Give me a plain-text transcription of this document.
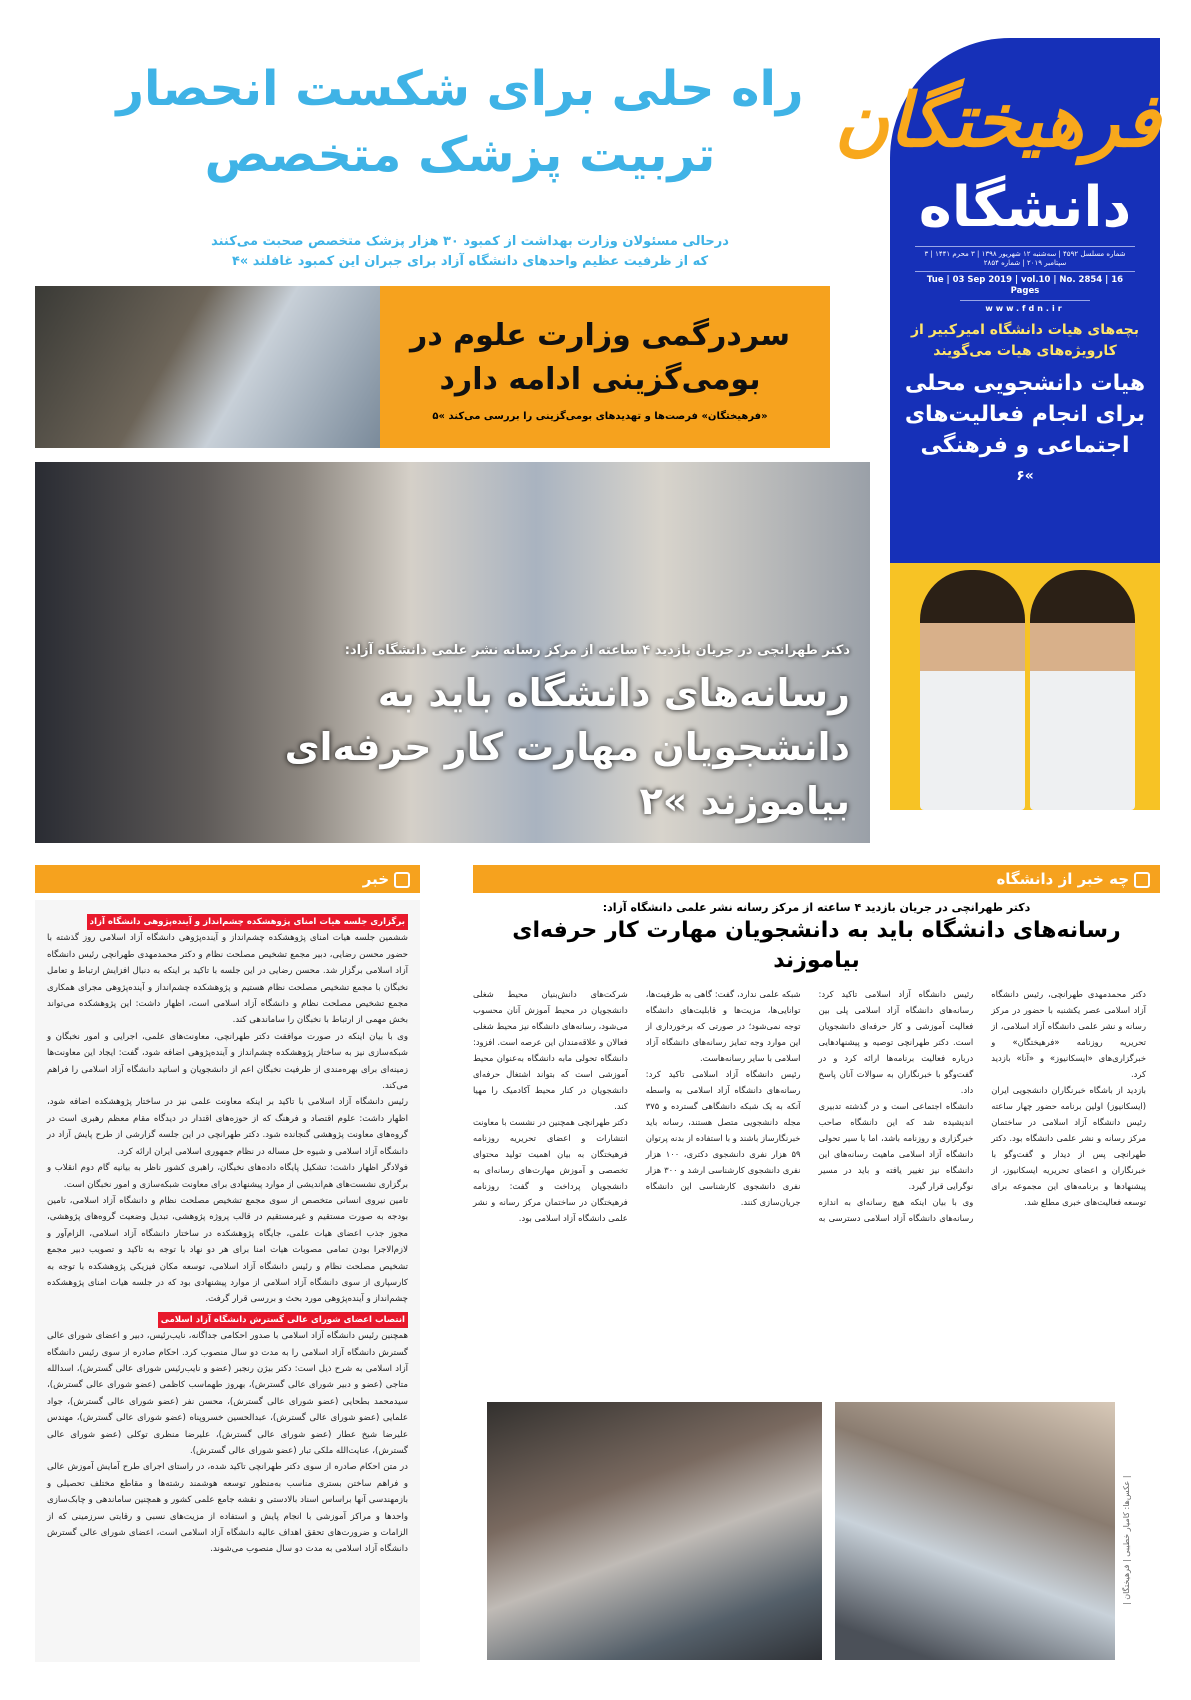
فرهیختگان
دانشگاه
شماره مسلسل ۴۵۹۲ | سه‌شنبه ۱۲ شهریور ۱۳۹۸ | ۳ محرم ۱۴۴۱ | ۳ سپتامبر ۲۰۱۹ | شماره ۲۸۵۴
Tue | 03 Sep 2019 | vol.10 | No. 2854 | 16 Pages
www.fdn.ir
بچه‌های هیات دانشگاه امیرکبیر از کارویژه‌های هیات می‌گویند
هیات دانشجویی محلی برای انجام فعالیت‌های اجتماعی و فرهنگی
»۶
راه حلی برای شکست انحصار تربیت پزشک متخصص
درحالی مسئولان وزارت بهداشت از کمبود ۳۰ هزار پزشک متخصص صحبت می‌کنند
که از ظرفیت عظیم واحدهای دانشگاه آزاد برای جبران این کمبود غافلند »۴
سردرگمی وزارت علوم در بومی‌گزینی ادامه دارد
«فرهیختگان» فرصت‌ها و تهدیدهای بومی‌گزینی را بررسی می‌کند »۵
دکتر طهرانچی در جریان بازدید ۴ ساعته از مرکز رسانه نشر علمی دانشگاه آزاد:
رسانه‌های دانشگاه باید به دانشجویان مهارت کار حرفه‌ای بیاموزند »۲
چه خبر از دانشگاه
خبر
دکتر طهرانچی در جریان بازدید ۴ ساعته از مرکز رسانه نشر علمی دانشگاه آزاد:
رسانه‌های دانشگاه باید به دانشجویان مهارت کار حرفه‌ای بیاموزند

دکتر محمدمهدی طهرانچی، رئیس دانشگاه آزاد اسلامی عصر یکشنبه با حضور در مرکز رسانه و نشر علمی دانشگاه آزاد اسلامی، از تحریریه روزنامه «فرهیختگان» و خبرگزاری‌های «ایسکانیوز» و «آنا» بازدید کرد.

بازدید از باشگاه خبرنگاران دانشجویی ایران (ایسکانیوز) اولین برنامه حضور چهار ساعته رئیس دانشگاه آزاد اسلامی در ساختمان مرکز رسانه و نشر علمی دانشگاه بود. دکتر طهرانچی پس از دیدار و گفت‌وگو با خبرنگاران و اعضای تحریریه ایسکانیوز، از پیشنهادها و برنامه‌های این مجموعه برای توسعه فعالیت‌های خبری مطلع شد.

رئیس دانشگاه آزاد اسلامی تاکید کرد: رسانه‌های دانشگاه آزاد اسلامی پلی بین فعالیت آموزشی و کار حرفه‌ای دانشجویان است. دکتر طهرانچی توصیه و پیشنهادهایی درباره فعالیت برنامه‌ها ارائه کرد و در گفت‌وگو با خبرنگاران به سوالات آنان پاسخ داد.

دانشگاه اجتماعی است و در گذشته تدبیری اندیشیده شد که این دانشگاه صاحب خبرگزاری و روزنامه باشد، اما با سیر تحولی دانشگاه آزاد اسلامی ماهیت رسانه‌های این دانشگاه نیز تغییر یافته و باید در مسیر نوگرایی قرار گیرد.

وی با بیان اینکه هیچ رسانه‌ای به اندازه رسانه‌های دانشگاه آزاد اسلامی دسترسی به شبکه علمی ندارد، گفت: گاهی به ظرفیت‌ها، توانایی‌ها، مزیت‌ها و قابلیت‌های دانشگاه توجه نمی‌شود؛ در صورتی که برخورداری از این موارد وجه تمایز رسانه‌های دانشگاه آزاد اسلامی با سایر رسانه‌هاست.

رئیس دانشگاه آزاد اسلامی تاکید کرد: رسانه‌های دانشگاه آزاد اسلامی به واسطه آنکه به یک شبکه دانشگاهی گسترده و ۳۷۵ مجله دانشجویی متصل هستند، رسانه باید خبرنگارساز باشند و با استفاده از بدنه پرتوان ۵۹ هزار نفری دانشجوی دکتری، ۱۰۰ هزار نفری دانشجوی کارشناسی ارشد و ۳۰۰ هزار نفری دانشجوی کارشناسی این دانشگاه جریان‌سازی کنند.

شرکت‌های دانش‌بنیان محیط شغلی دانشجویان در محیط آموزش آنان محسوب می‌شود، رسانه‌های دانشگاه نیز محیط شغلی فعالان و علاقه‌مندان این عرصه است. افزود: دانشگاه تحولی مابه دانشگاه به‌عنوان محیط آموزشی است که بتواند اشتغال حرفه‌ای دانشجویان در کنار محیط آکادمیک را مهیا کند.

دکتر طهرانچی همچنین در نشست با معاونت انتشارات و اعضای تحریریه روزنامه فرهیختگان به بیان اهمیت تولید محتوای تخصصی و آموزش مهارت‌های رسانه‌ای به دانشجویان پرداخت و گفت: روزنامه فرهیختگان در ساختمان مرکز رسانه و نشر علمی دانشگاه آزاد اسلامی بود.

| عکس‌ها: کامیار خطیبی | فرهیختگان |
برگزاری جلسه هیات امنای پژوهشکده چشم‌انداز و آینده‌پژوهی دانشگاه آزاد

ششمین جلسه هیات امنای پژوهشکده چشم‌انداز و آینده‌پژوهی دانشگاه آزاد اسلامی روز گذشته با حضور محسن رضایی، دبیر مجمع تشخیص مصلحت نظام و دکتر محمدمهدی طهرانچی رئیس دانشگاه آزاد اسلامی برگزار شد. محسن رضایی در این جلسه با تاکید بر اینکه به دنبال افزایش ارتباط و تعامل نخبگان با مجمع تشخیص مصلحت نظام هستیم و پژوهشکده چشم‌انداز و آینده‌پژوهی مجرای همکاری مجمع تشخیص مصلحت نظام و دانشگاه آزاد اسلامی است، اظهار داشت: این پژوهشکده می‌تواند بخش مهمی از ارتباط با نخبگان را ساماندهی کند.

وی با بیان اینکه در صورت موافقت دکتر طهرانچی، معاونت‌های علمی، اجرایی و امور نخبگان و شبکه‌سازی نیز به ساختار پژوهشکده چشم‌انداز و آینده‌پژوهی اضافه شود، گفت: ایجاد این معاونت‌ها زمینه‌ای برای بهره‌مندی از ظرفیت نخبگان اعم از دانشجویان و اساتید دانشگاه آزاد اسلامی را فراهم می‌کند.

رئیس دانشگاه آزاد اسلامی با تاکید بر اینکه معاونت علمی نیز در ساختار پژوهشکده اضافه شود، اظهار داشت: علوم اقتصاد و فرهنگ که از حوزه‌های اقتدار در دیدگاه مقام معظم رهبری است در گروه‌های معاونت پژوهشی گنجانده شود. دکتر طهرانچی در این جلسه گزارشی از طرح پایش آزاد در دانشگاه آزاد اسلامی و شیوه حل مساله در نظام جمهوری اسلامی ایران ارائه کرد.

فولادگر اظهار داشت: تشکیل پایگاه داده‌های نخبگان، راهبری کشور ناظر به بیانیه گام دوم انقلاب و برگزاری نشست‌های هم‌اندیشی از موارد پیشنهادی برای معاونت شبکه‌سازی و امور نخبگان است.

تامین نیروی انسانی متخصص از سوی مجمع تشخیص مصلحت نظام و دانشگاه آزاد اسلامی، تامین بودجه به صورت مستقیم و غیرمستقیم در قالب پروژه پژوهشی، تبدیل وضعیت گروه‌های پژوهشی، مجوز جذب اعضای هیات علمی، جایگاه پژوهشکده در ساختار دانشگاه آزاد اسلامی، الزام‌آور و لازم‌الاجرا بودن تمامی مصوبات هیات امنا برای هر دو نهاد با توجه به تاکید و تصویب دبیر مجمع تشخیص مصلحت نظام و رئیس دانشگاه آزاد اسلامی، توسعه مکان فیزیکی پژوهشکده با توجه به کارسپاری از سوی دانشگاه آزاد اسلامی از موارد پیشنهادی بود که در جلسه هیات امنای پژوهشکده چشم‌انداز و آینده‌پژوهی مورد بحث و بررسی قرار گرفت.

انتصاب اعضای شورای عالی گسترش دانشگاه آزاد اسلامی

همچنین رئیس دانشگاه آزاد اسلامی با صدور احکامی جداگانه، نایب‌رئیس، دبیر و اعضای شورای عالی گسترش دانشگاه آزاد اسلامی را به مدت دو سال منصوب کرد. احکام صادره از سوی رئیس دانشگاه آزاد اسلامی به شرح ذیل است: دکتر بیژن رنجبر (عضو و نایب‌رئیس شورای عالی گسترش)، اسدالله متاجی (عضو و دبیر شورای عالی گسترش)، بهروز طهماسب کاظمی (عضو شورای عالی گسترش)، سیدمحمد بطحایی (عضو شورای عالی گسترش)، محسن نفر (عضو شورای عالی گسترش)، جواد علمایی (عضو شورای عالی گسترش)، عبدالحسین خسروپناه (عضو شورای عالی گسترش)، مهندس علیرضا شیخ عطار (عضو شورای عالی گسترش)، علیرضا منظری توکلی (عضو شورای عالی گسترش)، عنایت‌الله ملکی تبار (عضو شورای عالی گسترش).

در متن احکام صادره از سوی دکتر طهرانچی تاکید شده، در راستای اجرای طرح آمایش آموزش عالی و فراهم ساختن بستری مناسب به‌منظور توسعه هوشمند رشته‌ها و مقاطع مختلف تحصیلی و بازمهندسی آنها براساس اسناد بالادستی و نقشه جامع علمی کشور و همچنین ساماندهی و چابک‌سازی واحدها و مراکز آموزشی با انجام پایش و استفاده از مزیت‌های نسبی و رقابتی سرزمینی که از الزامات و ضرورت‌های تحقق اهداف عالیه دانشگاه آزاد اسلامی است، اعضای شورای عالی گسترش دانشگاه آزاد اسلامی به مدت دو سال منصوب می‌شوند.
